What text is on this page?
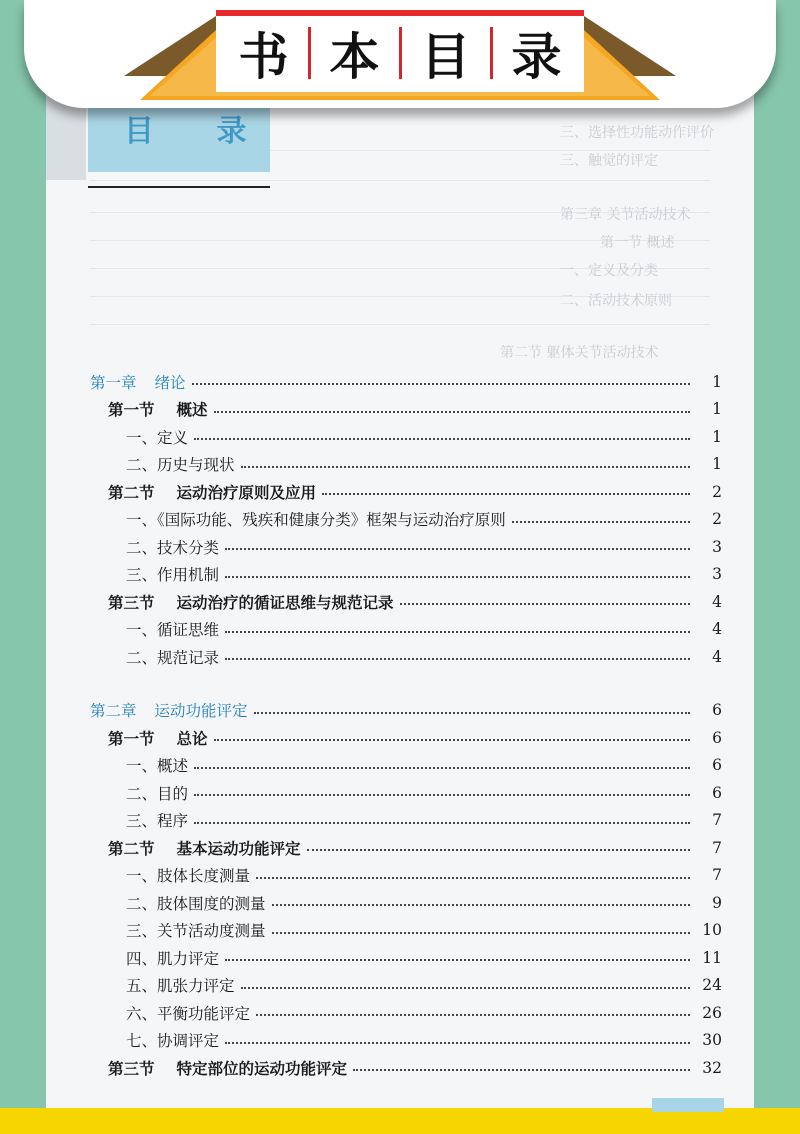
三、选择性功能动作评价
三、触觉的评定
第三章 关节活动技术
第一节 概述
一、定义及分类
二、活动技术原则
第二节 躯体关节活动技术
目 录
书 本 目 录
第一章 绪论	1
第一节 概述	1
一、定义	1
二、历史与现状	1
第二节 运动治疗原则及应用	2
一、《国际功能、残疾和健康分类》框架与运动治疗原则	2
二、技术分类	3
三、作用机制	3
第三节 运动治疗的循证思维与规范记录	4
一、循证思维	4
二、规范记录	4
第二章 运动功能评定	6
第一节 总论	6
一、概述	6
二、目的	6
三、程序	7
第二节 基本运动功能评定	7
一、肢体长度测量	7
二、肢体围度的测量	9
三、关节活动度测量	10
四、肌力评定	11
五、肌张力评定	24
六、平衡功能评定	26
七、协调评定	30
第三节 特定部位的运动功能评定	32
